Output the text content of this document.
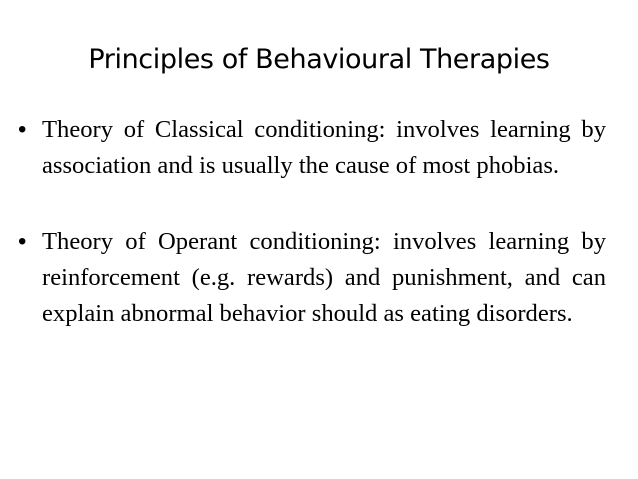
Principles of Behavioural Therapies
• Theory of Classical conditioning: involves learning by association and is usually the cause of most phobias.
• Theory of Operant conditioning: involves learning by reinforcement (e.g. rewards) and punishment, and can explain abnormal behavior should as eating disorders.
